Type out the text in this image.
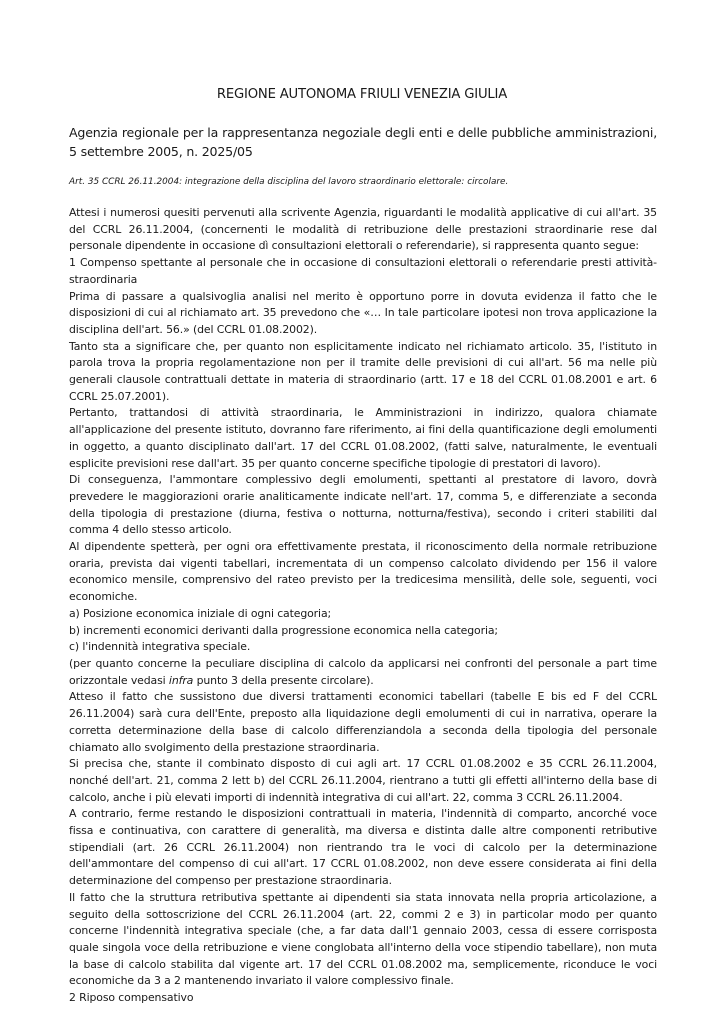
REGIONE AUTONOMA FRIULI VENEZIA GIULIA
Agenzia regionale per la rappresentanza negoziale degli enti e delle pubbliche amministrazioni, 5 settembre 2005, n. 2025/05
Art. 35 CCRL 26.11.2004: integrazione della disciplina del lavoro straordinario elettorale: circolare.

Attesi i numerosi quesiti pervenuti alla scrivente Agenzia, riguardanti le modalità applicative di cui all'art. 35 del CCRL 26.11.2004, (concernenti le modalità di retribuzione delle prestazioni straordinarie rese dal personale dipendente in occasione dì consultazioni elettorali o referendarie), si rappresenta quanto segue:

1 Compenso spettante al personale che in occasione di consultazioni elettorali o referendarie presti attività-straordinaria

Prima di passare a qualsivoglia analisi nel merito è opportuno porre in dovuta evidenza il fatto che le disposizioni di cui al richiamato art. 35 prevedono che «… In tale particolare ipotesi non trova applicazione la disciplina dell'art. 56.» (del CCRL 01.08.2002).

Tanto sta a significare che, per quanto non esplicitamente indicato nel richiamato articolo. 35, l'istituto in parola trova la propria regolamentazione non per il tramite delle previsioni di cui all'art. 56 ma nelle più generali clausole contrattuali dettate in materia di straordinario (artt. 17 e 18 del CCRL 01.08.2001 e art. 6 CCRL 25.07.2001).

Pertanto, trattandosi di attività straordinaria, le Amministrazioni in indirizzo, qualora chiamate all'applicazione del presente istituto, dovranno fare riferimento, ai fini della quantificazione degli emolumenti in oggetto, a quanto disciplinato dall'art. 17 del CCRL 01.08.2002, (fatti salve, naturalmente, le eventuali esplicite previsioni rese dall'art. 35 per quanto concerne specifiche tipologie di prestatori di lavoro).

Di conseguenza, l'ammontare complessivo degli emolumenti, spettanti al prestatore di lavoro, dovrà prevedere le maggiorazioni orarie analiticamente indicate nell'art. 17, comma 5, e differenziate a seconda della tipologia di prestazione (diurna, festiva o notturna, notturna/festiva), secondo i criteri stabiliti dal comma 4 dello stesso articolo.

Al dipendente spetterà, per ogni ora effettivamente prestata, il riconoscimento della normale retribuzione oraria, prevista dai vigenti tabellari, incrementata di un compenso calcolato dividendo per 156 il valore economico mensile, comprensivo del rateo previsto per la tredicesima mensilità, delle sole, seguenti, voci economiche.

a) Posizione economica iniziale di ogni categoria;

b) incrementi economici derivanti dalla progressione economica nella categoria;

c) l'indennità integrativa speciale.

(per quanto concerne la peculiare disciplina di calcolo da applicarsi nei confronti del personale a part time orizzontale vedasi infra punto 3 della presente circolare).

Atteso il fatto che sussistono due diversi trattamenti economici tabellari (tabelle E bis ed F del CCRL 26.11.2004) sarà cura dell'Ente, preposto alla liquidazione degli emolumenti di cui in narrativa, operare la corretta determinazione della base di calcolo differenziandola a seconda della tipologia del personale chiamato allo svolgimento della prestazione straordinaria.

Si precisa che, stante il combinato disposto di cui agli art. 17 CCRL 01.08.2002 e 35 CCRL 26.11.2004, nonché dell'art. 21, comma 2 lett b) del CCRL 26.11.2004, rientrano a tutti gli effetti all'interno della base di calcolo, anche i più elevati importi di indennità integrativa di cui all'art. 22, comma 3 CCRL 26.11.2004.

A contrario, ferme restando le disposizioni contrattuali in materia, l'indennità di comparto, ancorché voce fissa e continuativa, con carattere di generalità, ma diversa e distinta dalle altre componenti retributive stipendiali (art. 26 CCRL 26.11.2004) non rientrando tra le voci di calcolo per la determinazione dell'ammontare del compenso di cui all'art. 17 CCRL 01.08.2002, non deve essere considerata ai fini della determinazione del compenso per prestazione straordinaria.

Il fatto che la struttura retributiva spettante ai dipendenti sia stata innovata nella propria articolazione, a seguito della sottoscrizione del CCRL 26.11.2004 (art. 22, commi 2 e 3) in particolar modo per quanto concerne l'indennità integrativa speciale (che, a far data dall'1 gennaio 2003, cessa di essere corrisposta quale singola voce della retribuzione e viene conglobata all'interno della voce stipendio tabellare), non muta la base di calcolo stabilita dal vigente art. 17 del CCRL 01.08.2002 ma, semplicemente, riconduce le voci economiche da 3 a 2 mantenendo invariato il valore complessivo finale.

2 Riposo compensativo
